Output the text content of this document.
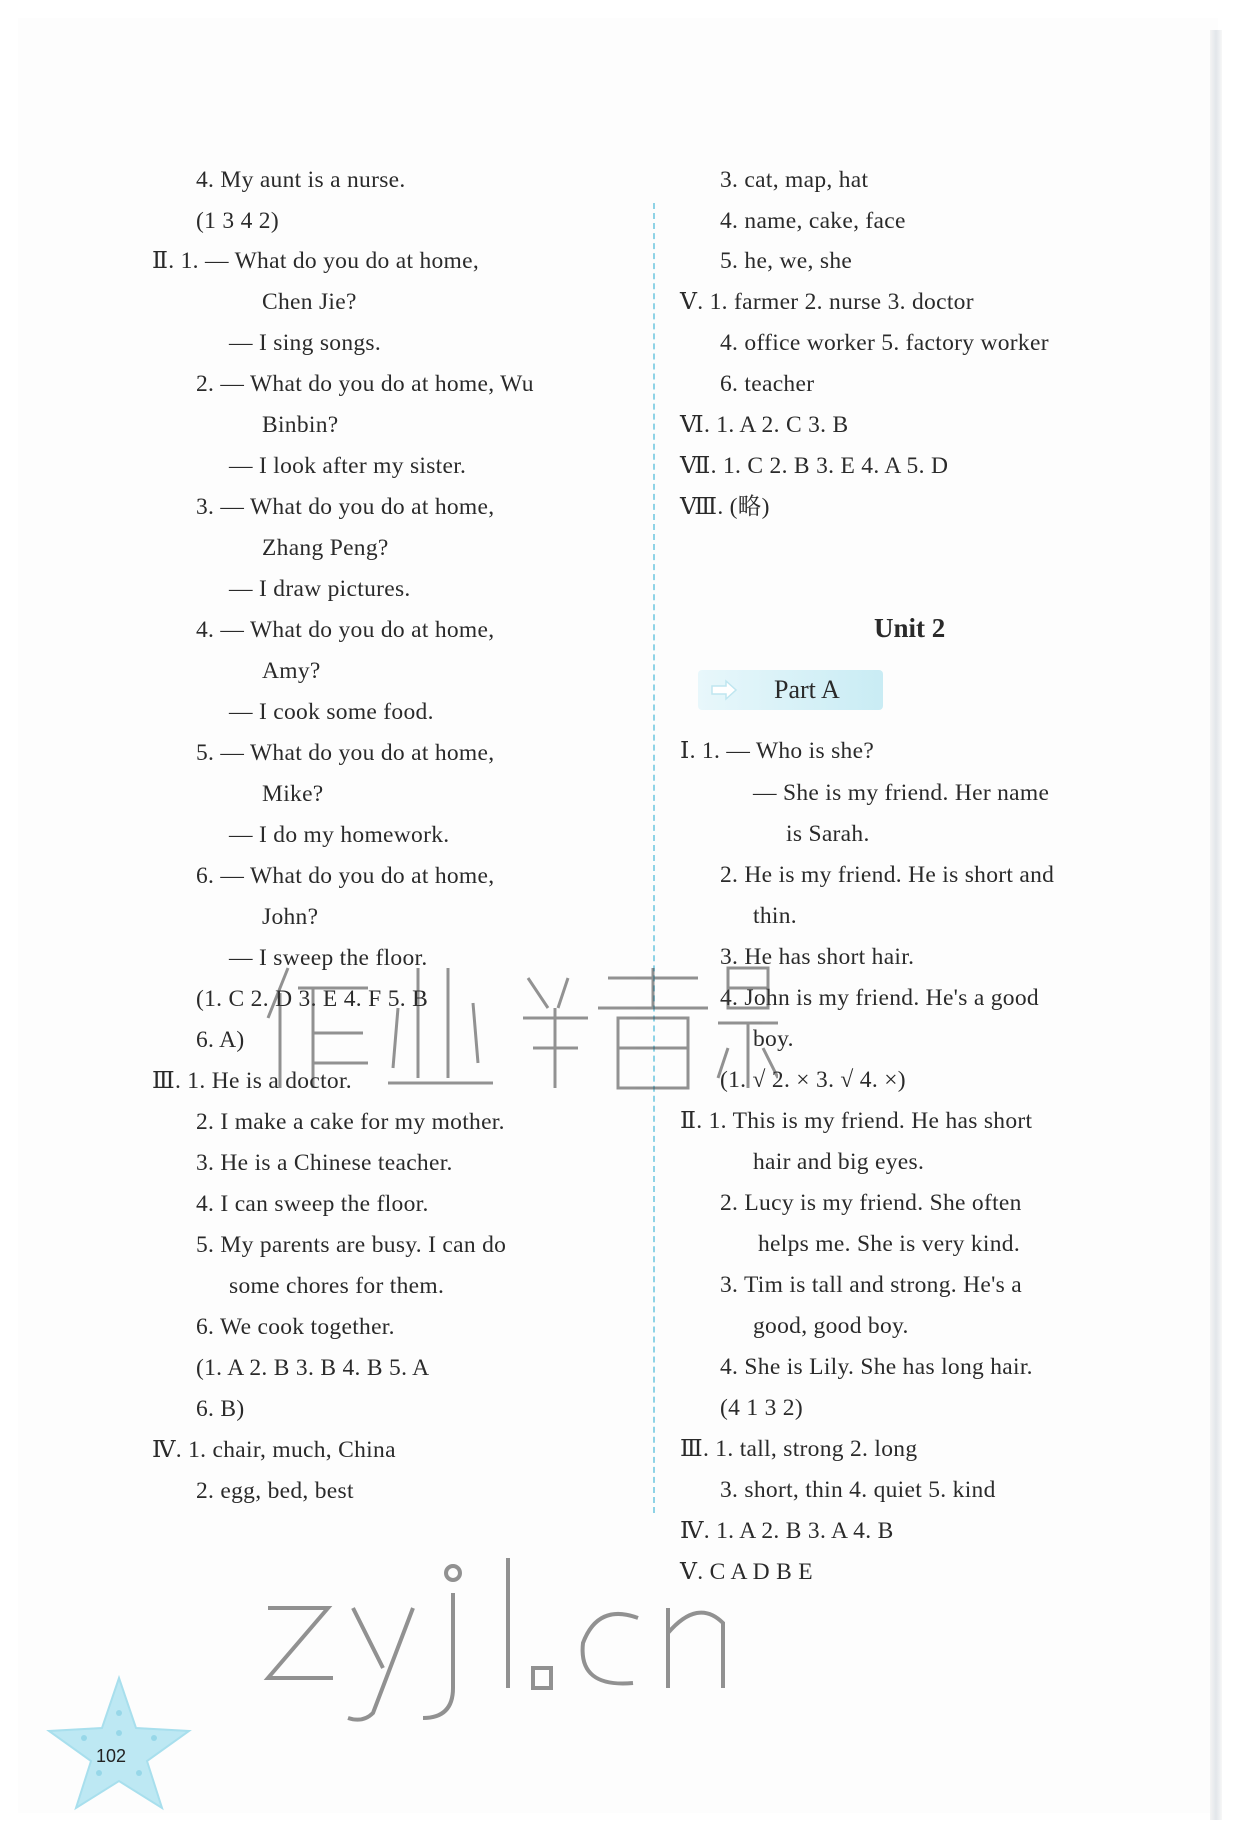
4. My aunt is a nurse.
(1 3 4 2)
Ⅱ. 1. — What do you do at home,
Chen Jie?
— I sing songs.
2. — What do you do at home, Wu
Binbin?
— I look after my sister.
3. — What do you do at home,
Zhang Peng?
— I draw pictures.
4. — What do you do at home,
Amy?
— I cook some food.
5. — What do you do at home,
Mike?
— I do my homework.
6. — What do you do at home,
John?
— I sweep the floor.
(1. C 2. D 3. E 4. F 5. B
6. A)
Ⅲ. 1. He is a doctor.
2. I make a cake for my mother.
3. He is a Chinese teacher.
4. I can sweep the floor.
5. My parents are busy. I can do
some chores for them.
6. We cook together.
(1. A 2. B 3. B 4. B 5. A
6. B)
Ⅳ. 1. chair, much, China
2. egg, bed, best
3. cat, map, hat
4. name, cake, face
5. he, we, she
Ⅴ. 1. farmer 2. nurse 3. doctor
4. office worker 5. factory worker
6. teacher
Ⅵ. 1. A 2. C 3. B
Ⅶ. 1. C 2. B 3. E 4. A 5. D
Ⅷ. (略)
Ⅰ. 1. — Who is she?
— She is my friend. Her name
is Sarah.
2. He is my friend. He is short and
thin.
3. He has short hair.
4. John is my friend. He's a good
boy.
(1. √ 2. × 3. √ 4. ×)
Ⅱ. 1. This is my friend. He has short
hair and big eyes.
2. Lucy is my friend. She often
helps me. She is very kind.
3. Tim is tall and strong. He's a
good, good boy.
4. She is Lily. She has long hair.
(4 1 3 2)
Ⅲ. 1. tall, strong 2. long
3. short, thin 4. quiet 5. kind
Ⅳ. 1. A 2. B 3. A 4. B
Ⅴ. C A D B E
Unit 2
Part A
102
